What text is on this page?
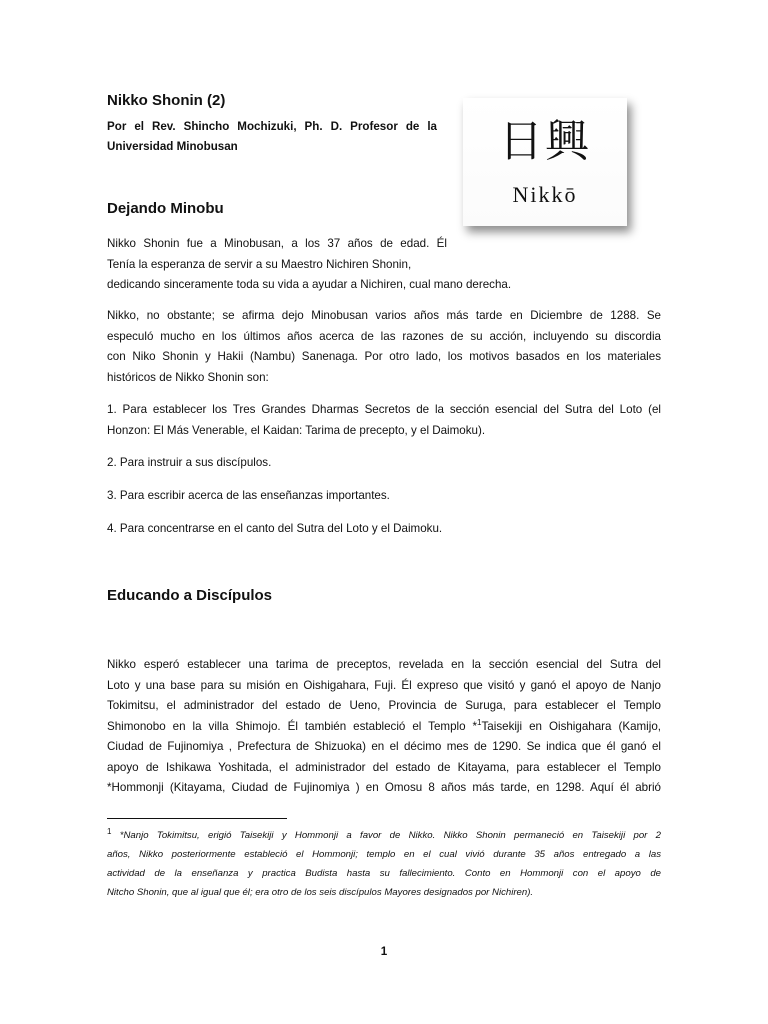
Nikko Shonin (2)
Por el Rev. Shincho Mochizuki, Ph. D. Profesor de la
Universidad Minobusan	日興
Nikkō
Dejando Minobu
Nikko Shonin fue a Minobusan, a los 37 años de edad. Él
Tenía la esperanza de servir a su Maestro Nichiren Shonin,
dedicando sinceramente toda su vida a ayudar a Nichiren, cual mano derecha.
Nikko, no obstante; se afirma dejo Minobusan varios años más tarde en Diciembre de 1288. Se
especuló mucho en los últimos años acerca de las razones de su acción, incluyendo su discordia
con Niko Shonin y Hakii (Nambu) Sanenaga. Por otro lado, los motivos basados en los materiales
históricos de Nikko Shonin son:
1. Para establecer los Tres Grandes Dharmas Secretos de la sección esencial del Sutra del Loto (el
Honzon: El Más Venerable, el Kaidan: Tarima de precepto, y el Daimoku).
2. Para instruir a sus discípulos.
3. Para escribir acerca de las enseñanzas importantes.
4. Para concentrarse en el canto del Sutra del Loto y el Daimoku.
Educando a Discípulos
Nikko esperó establecer una tarima de preceptos, revelada en la sección esencial del Sutra del
Loto y una base para su misión en Oishigahara, Fuji. Él expreso que visitó y ganó el apoyo de Nanjo
Tokimitsu, el administrador del estado de Ueno, Provincia de Suruga, para establecer el Templo
Shimonobo en la villa Shimojo. Él también estableció el Templo *$^1$Taisekiji en Oishigahara (Kamijo,
Ciudad de Fujinomiya , Prefectura de Shizuoka) en el décimo mes de 1290. Se indica que él ganó el
apoyo de Ishikawa Yoshitada, el administrador del estado de Kitayama, para establecer el Templo
*Hommonji (Kitayama, Ciudad de Fujinomiya ) en Omosu 8 años más tarde, en 1298. Aquí él abrió
$^1$ *Nanjo Tokimitsu, erigió Taisekiji y Hommonji a favor de Nikko. Nikko Shonin permaneció en Taisekiji por 2
años, Nikko posteriormente estableció el Hommonji; templo en el cual vivió durante 35 años entregado a las
actividad de la enseñanza y practica Budista hasta su fallecimiento. Conto en Hommonji con el apoyo de
Nitcho Shonin, que al igual que él; era otro de los seis discípulos Mayores designados por Nichiren).
1
